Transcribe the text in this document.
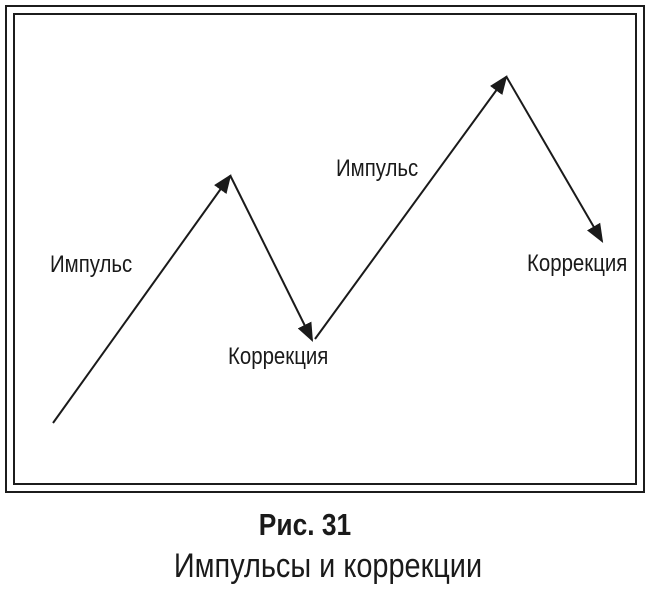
Импульс
Импульс
Коррекция
Коррекция
Рис. 31
Импульсы и коррекции
